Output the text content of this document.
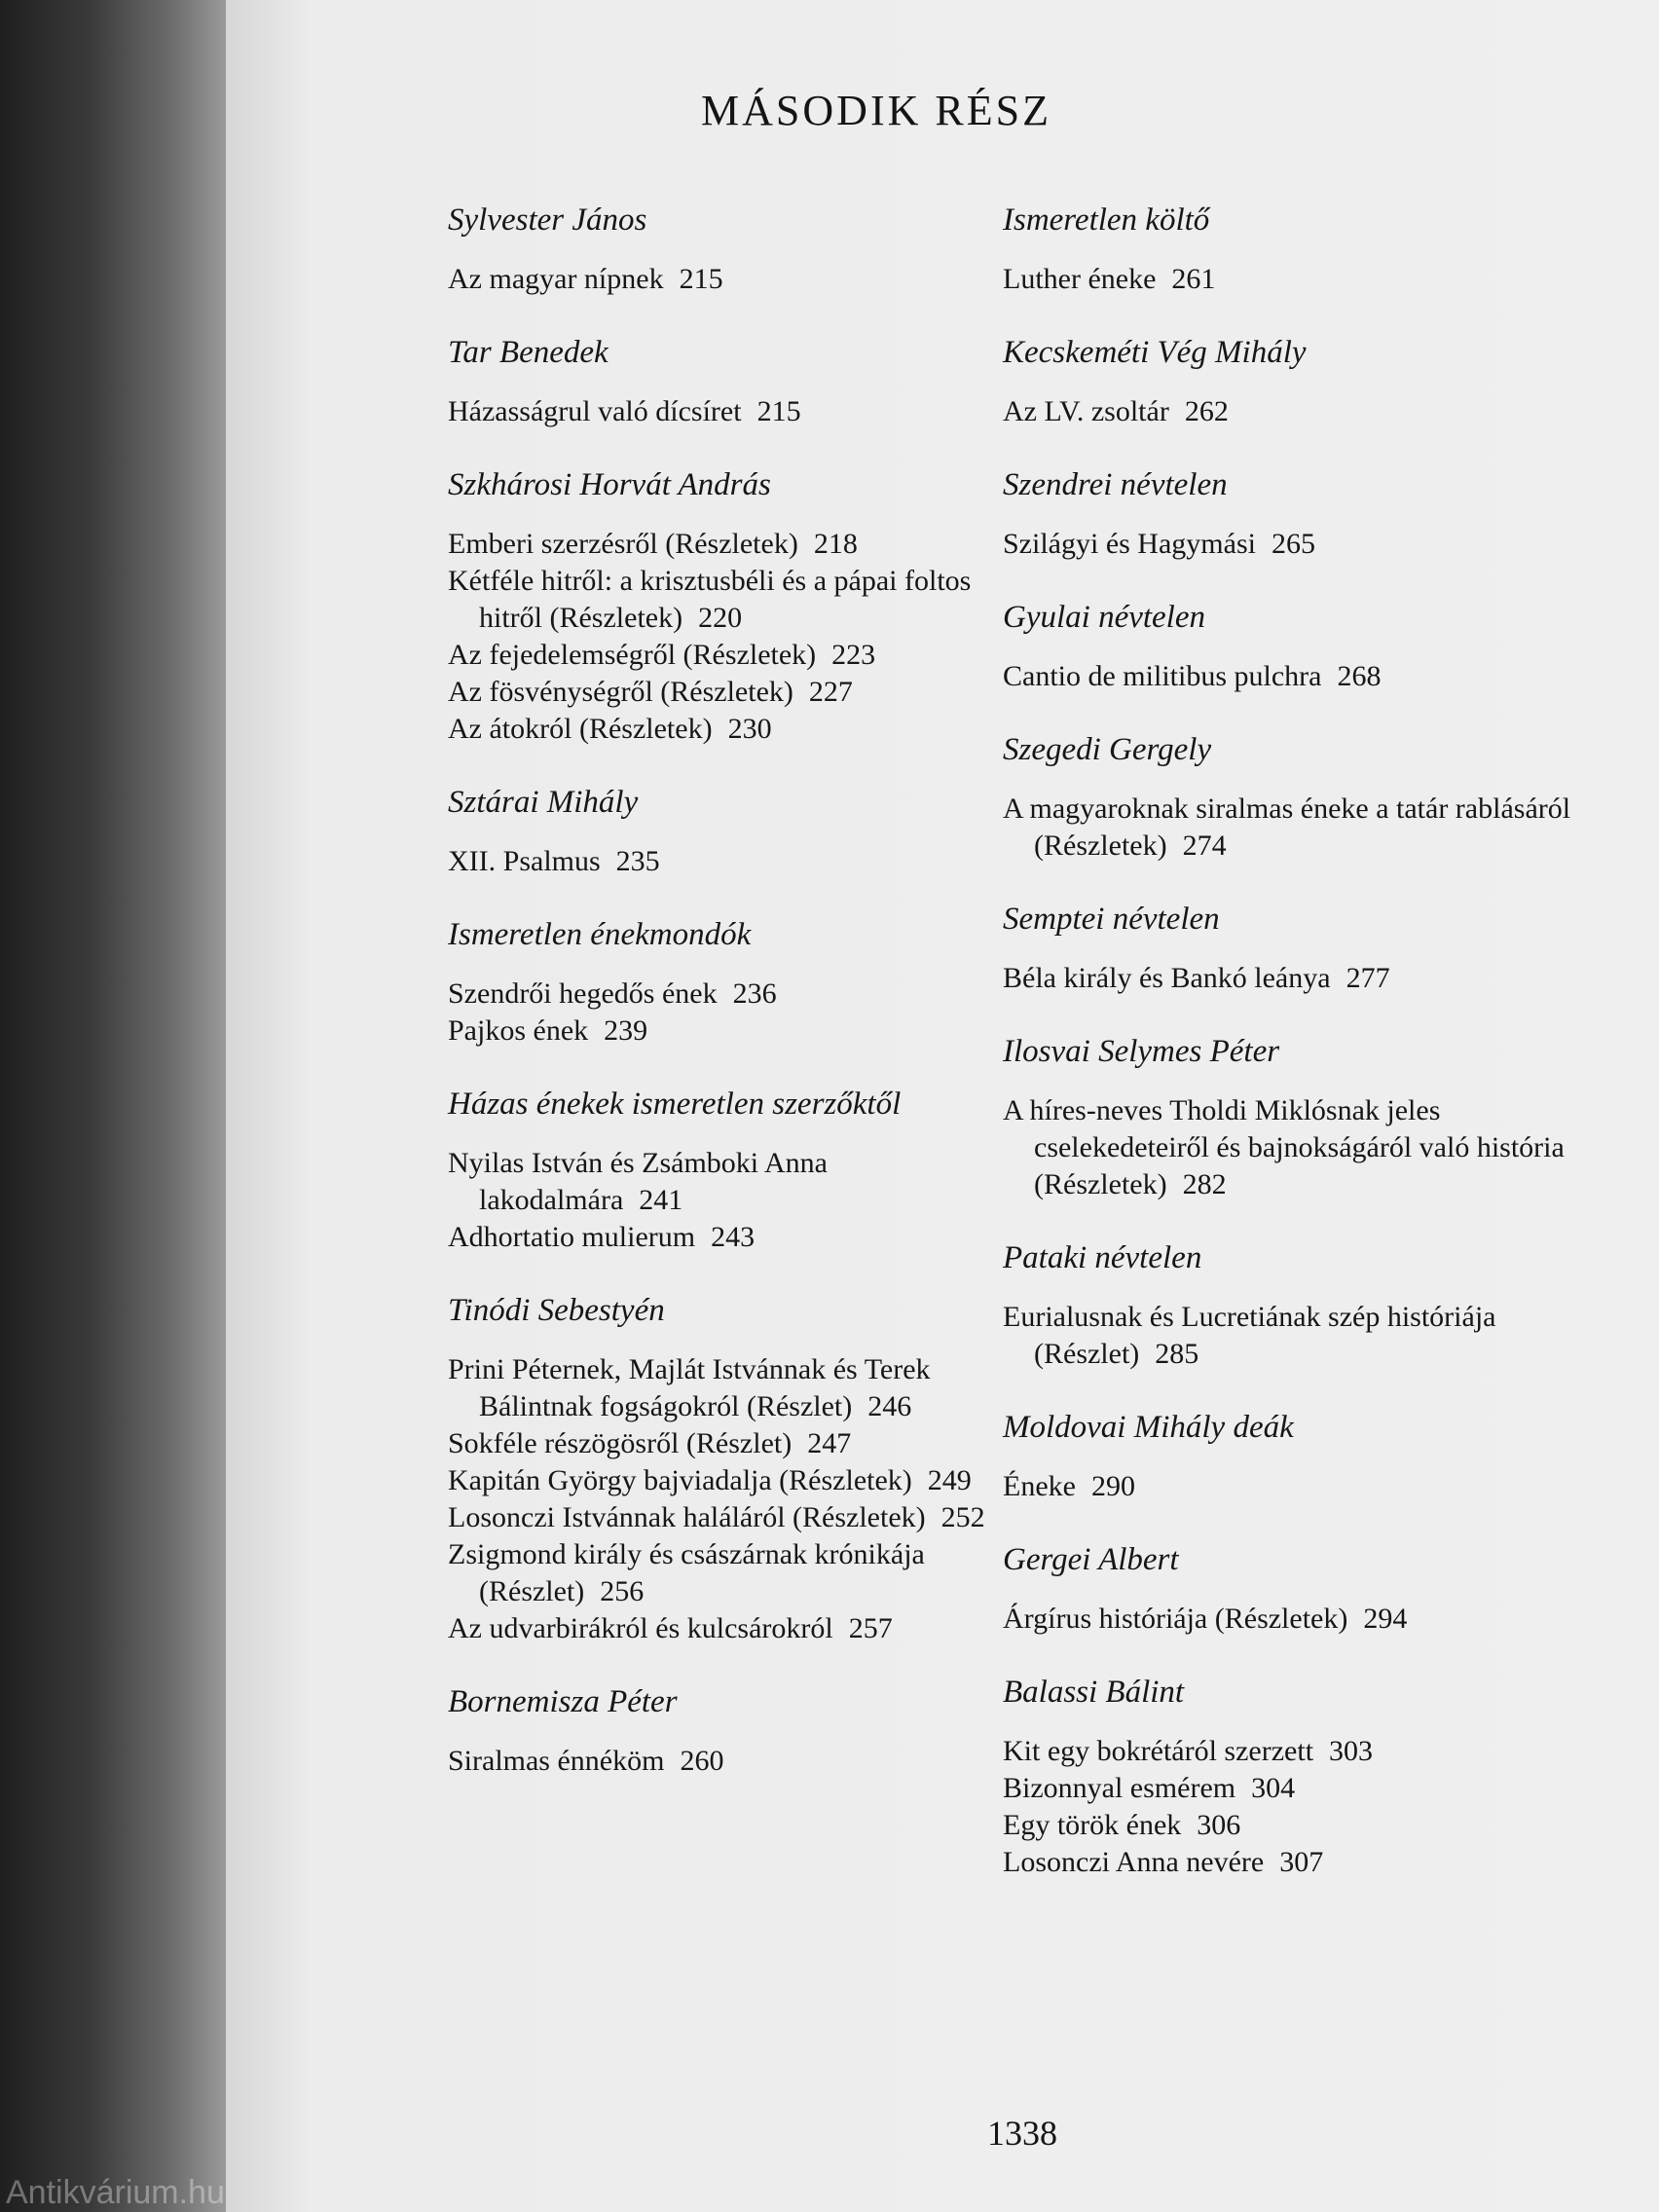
Antikvárium.hu
MÁSODIK RÉSZ
Sylvester János
Az magyar nípnek 215
Tar Benedek
Házasságrul való dícsíret 215
Szkhárosi Horvát András
Emberi szerzésről (Részletek) 218
Kétféle hitről: a krisztusbéli és a pápai foltos hitről (Részletek) 220
Az fejedelemségről (Részletek) 223
Az fösvénységről (Részletek) 227
Az átokról (Részletek) 230
Sztárai Mihály
XII. Psalmus 235
Ismeretlen énekmondók
Szendrői hegedős ének 236
Pajkos ének 239
Házas énekek ismeretlen szerzőktől
Nyilas István és Zsámboki Anna lakodalmára 241
Adhortatio mulierum 243
Tinódi Sebestyén
Prini Péternek, Majlát Istvánnak és Terek Bálintnak fogságokról (Részlet) 246
Sokféle részögösről (Részlet) 247
Kapitán György bajviadalja (Részletek) 249
Losonczi Istvánnak haláláról (Részletek) 252
Zsigmond király és császárnak krónikája (Részlet) 256
Az udvarbirákról és kulcsárokról 257
Bornemisza Péter
Siralmas énnéköm 260
Ismeretlen költő
Luther éneke 261
Kecskeméti Vég Mihály
Az LV. zsoltár 262
Szendrei névtelen
Szilágyi és Hagymási 265
Gyulai névtelen
Cantio de militibus pulchra 268
Szegedi Gergely
A magyaroknak siralmas éneke a tatár rablásáról (Részletek) 274
Semptei névtelen
Béla király és Bankó leánya 277
Ilosvai Selymes Péter
A híres-neves Tholdi Miklósnak jeles cselekedeteiről és bajnokságáról való história (Részletek) 282
Pataki névtelen
Eurialusnak és Lucretiának szép históriája (Részlet) 285
Moldovai Mihály deák
Éneke 290
Gergei Albert
Árgírus históriája (Részletek) 294
Balassi Bálint
Kit egy bokrétáról szerzett 303
Bizonnyal esmérem 304
Egy török ének 306
Losonczi Anna nevére 307
1338
